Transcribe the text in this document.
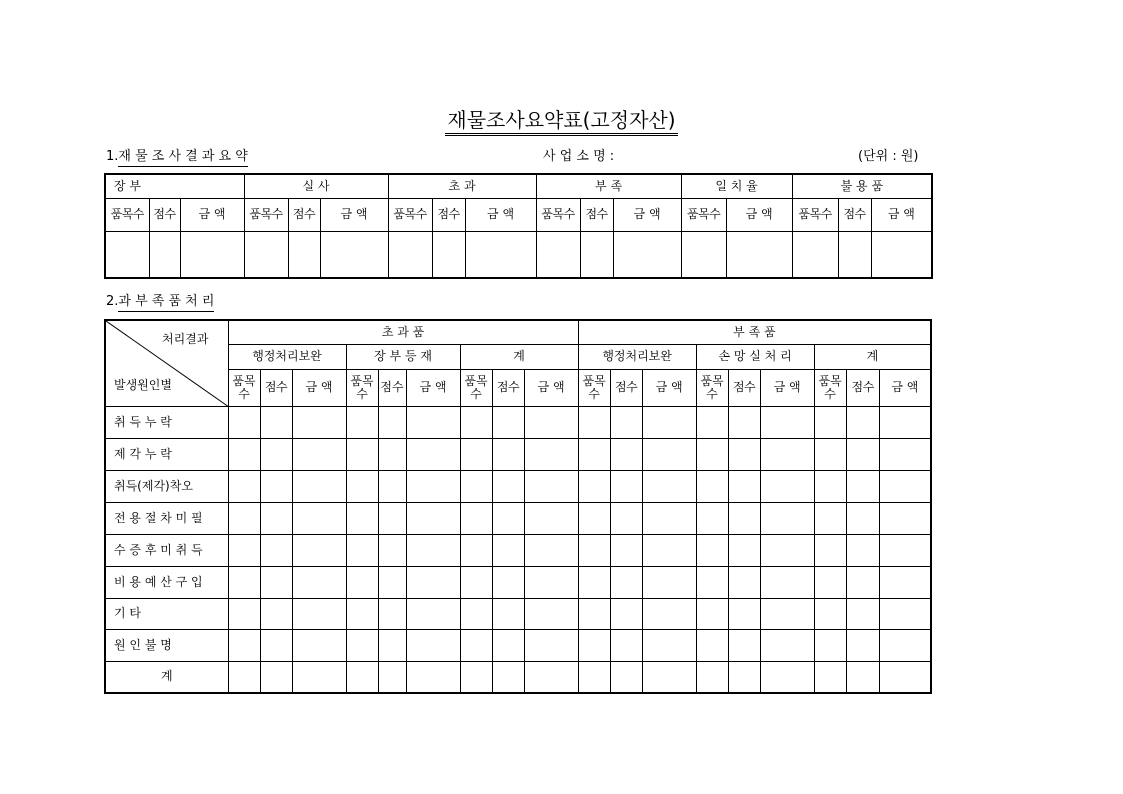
재물조사요약표(고정자산)
1.재 물 조 사 결 과 요 약	사 업 소 명 :	(단위 : 원)
장 부			실 사			초 과			부 족			일 치 율		불 용 품		
품목수	점수	금 액	품목수	점수	금 액	품목수	점수	금 액	품목수	점수	금 액	품목수	금 액	품목수	점수	금 액

2.과 부 족 품 처 리
처리결과
발생원인별	초 과 품									부 족 품								
	행정처리보완			장 부 등 재			계			행정처리보완			손 망 실 처 리			계		
	품목수	점수	금 액	품목수	점수	금 액	품목수	점수	금 액	품목수	점수	금 액	품목수	점수	금 액	품목수	점수	금 액
취 득 누 락																		
제 각 누 락																		
취득(제각)착오																		
전 용 절 차 미 필																		
수 증 후 미 취 득																		
비 용 예 산 구 입																		
기 타																		
원 인 불 명																		
계																		
